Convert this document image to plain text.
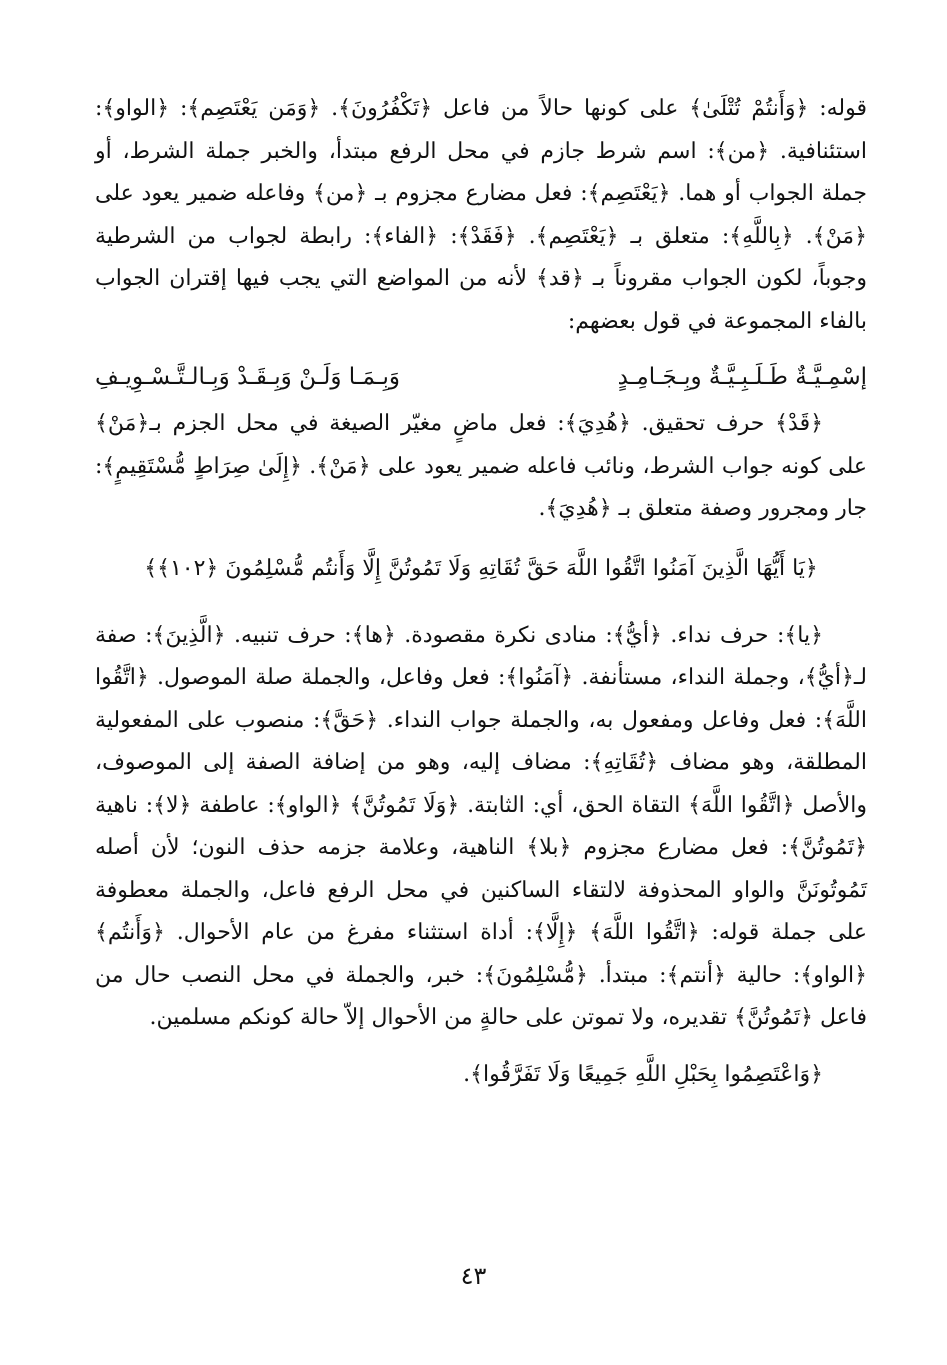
قوله: ﴿وَأَنتُمْ تُتْلَىٰ﴾ على كونها حالاً من فاعل ﴿تَكْفُرُونَ﴾. ﴿وَمَن يَعْتَصِم﴾: ﴿الواو﴾: استئنافية. ﴿من﴾: اسم شرط جازم في محل الرفع مبتدأ، والخبر جملة الشرط، أو جملة الجواب أو هما. ﴿يَعْتَصِم﴾: فعل مضارع مجزوم بـ ﴿من﴾ وفاعله ضمير يعود على ﴿مَنْ﴾. ﴿بِاللَّهِ﴾: متعلق بـ ﴿يَعْتَصِم﴾. ﴿فَقَدْ﴾: ﴿الفاء﴾: رابطة لجواب من الشرطية وجوباً، لكون الجواب مقروناً بـ ﴿قد﴾ لأنه من المواضع التي يجب فيها إقتران الجواب بالفاء المجموعة في قول بعضهم:

إسْمِـيَّـةٌ طَـلَـبِـيَّـةٌ وبِـجَـامِـدٍ
وَبِـمَـا وَلَـنْ وَبِـقَـدْ وَبِـالـتَّـسْـوِيـفِ

﴿قَدْ﴾ حرف تحقيق. ﴿هُدِيَ﴾: فعل ماضٍ مغيّر الصيغة في محل الجزم بـ﴿مَنْ﴾ على كونه جواب الشرط، ونائب فاعله ضمير يعود على ﴿مَنْ﴾. ﴿إِلَىٰ صِرَاطٍ مُّسْتَقِيمٍ﴾: جار ومجرور وصفة متعلق بـ ﴿هُدِيَ﴾.

﴿يَا أَيُّهَا الَّذِينَ آمَنُوا اتَّقُوا اللَّهَ حَقَّ تُقَاتِهِ وَلَا تَمُوتُنَّ إِلَّا وَأَنتُم مُّسْلِمُونَ ﴿١٠٢﴾﴾

﴿يا﴾: حرف نداء. ﴿أيُّ﴾: منادى نكرة مقصودة. ﴿ها﴾: حرف تنبيه. ﴿الَّذِينَ﴾: صفة لـ﴿أيُّ﴾، وجملة النداء، مستأنفة. ﴿آمَنُوا﴾: فعل وفاعل، والجملة صلة الموصول. ﴿اتَّقُوا اللَّهَ﴾: فعل وفاعل ومفعول به، والجملة جواب النداء. ﴿حَقَّ﴾: منصوب على المفعولية المطلقة، وهو مضاف ﴿تُقَاتِهِ﴾: مضاف إليه، وهو من إضافة الصفة إلى الموصوف، والأصل ﴿اتَّقُوا اللَّهَ﴾ التقاة الحق، أي: الثابتة. ﴿وَلَا تَمُوتُنَّ﴾ ﴿الواو﴾: عاطفة ﴿لا﴾: ناهية ﴿تَمُوتُنَّ﴾: فعل مضارع مجزوم ﴿بلا﴾ الناهية، وعلامة جزمه حذف النون؛ لأن أصله تَمُوتُونَنَّ والواو المحذوفة لالتقاء الساكنين في محل الرفع فاعل، والجملة معطوفة على جملة قوله: ﴿اتَّقُوا اللَّهَ﴾ ﴿إِلَّا﴾: أداة استثناء مفرغ من عام الأحوال. ﴿وَأَنتُم﴾ ﴿الواو﴾: حالية ﴿أنتم﴾: مبتدأ. ﴿مُّسْلِمُونَ﴾: خبر، والجملة في محل النصب حال من فاعل ﴿تَمُوتُنَّ﴾ تقديره، ولا تموتن على حالةٍ من الأحوال إلاّ حالة كونكم مسلمين.

﴿وَاعْتَصِمُوا بِحَبْلِ اللَّهِ جَمِيعًا وَلَا تَفَرَّقُوا﴾.

٤٣
